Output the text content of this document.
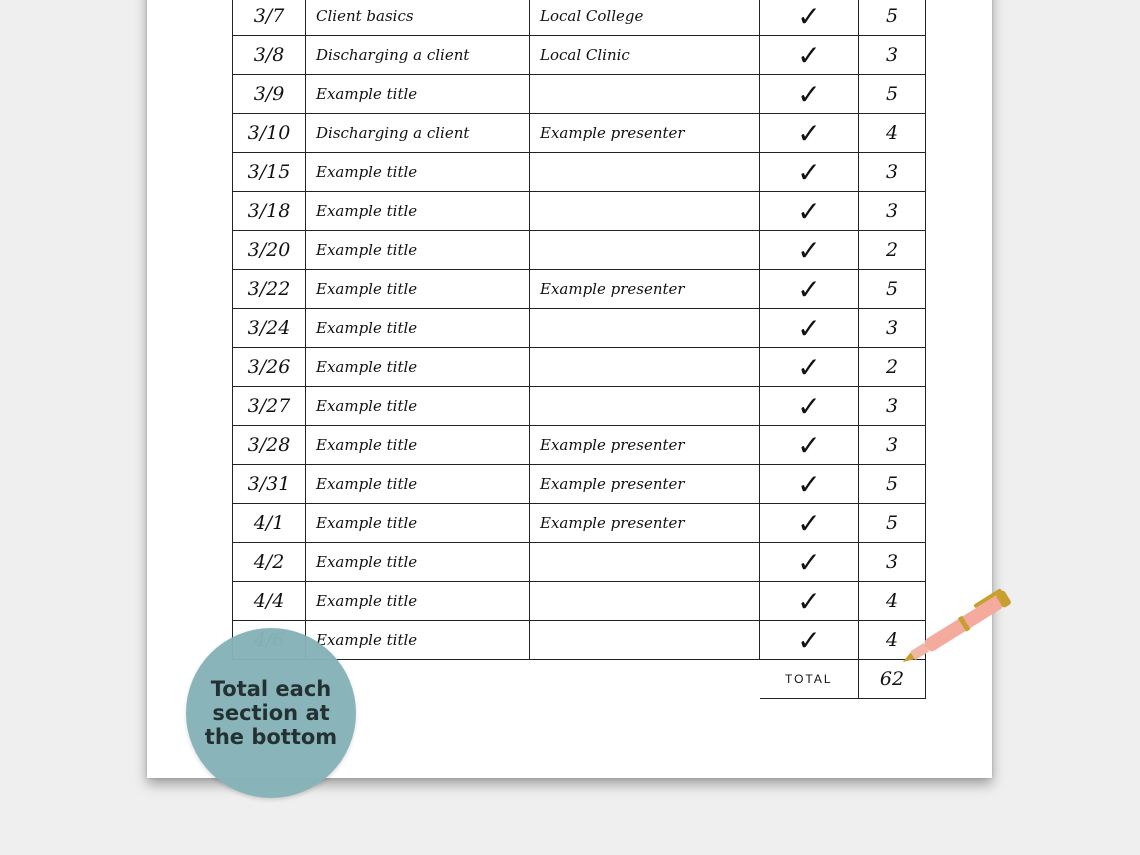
3/7	Client basics	Local College	✓	5
3/8	Discharging a client	Local Clinic	✓	3
3/9	Example title		✓	5
3/10	Discharging a client	Example presenter	✓	4
3/15	Example title		✓	3
3/18	Example title		✓	3
3/20	Example title		✓	2
3/22	Example title	Example presenter	✓	5
3/24	Example title		✓	3
3/26	Example title		✓	2
3/27	Example title		✓	3
3/28	Example title	Example presenter	✓	3
3/31	Example title	Example presenter	✓	5
4/1	Example title	Example presenter	✓	5
4/2	Example title		✓	3
4/4	Example title		✓	4
	Example title		✓	4
			TOTAL	62
Total each section at the bottom
